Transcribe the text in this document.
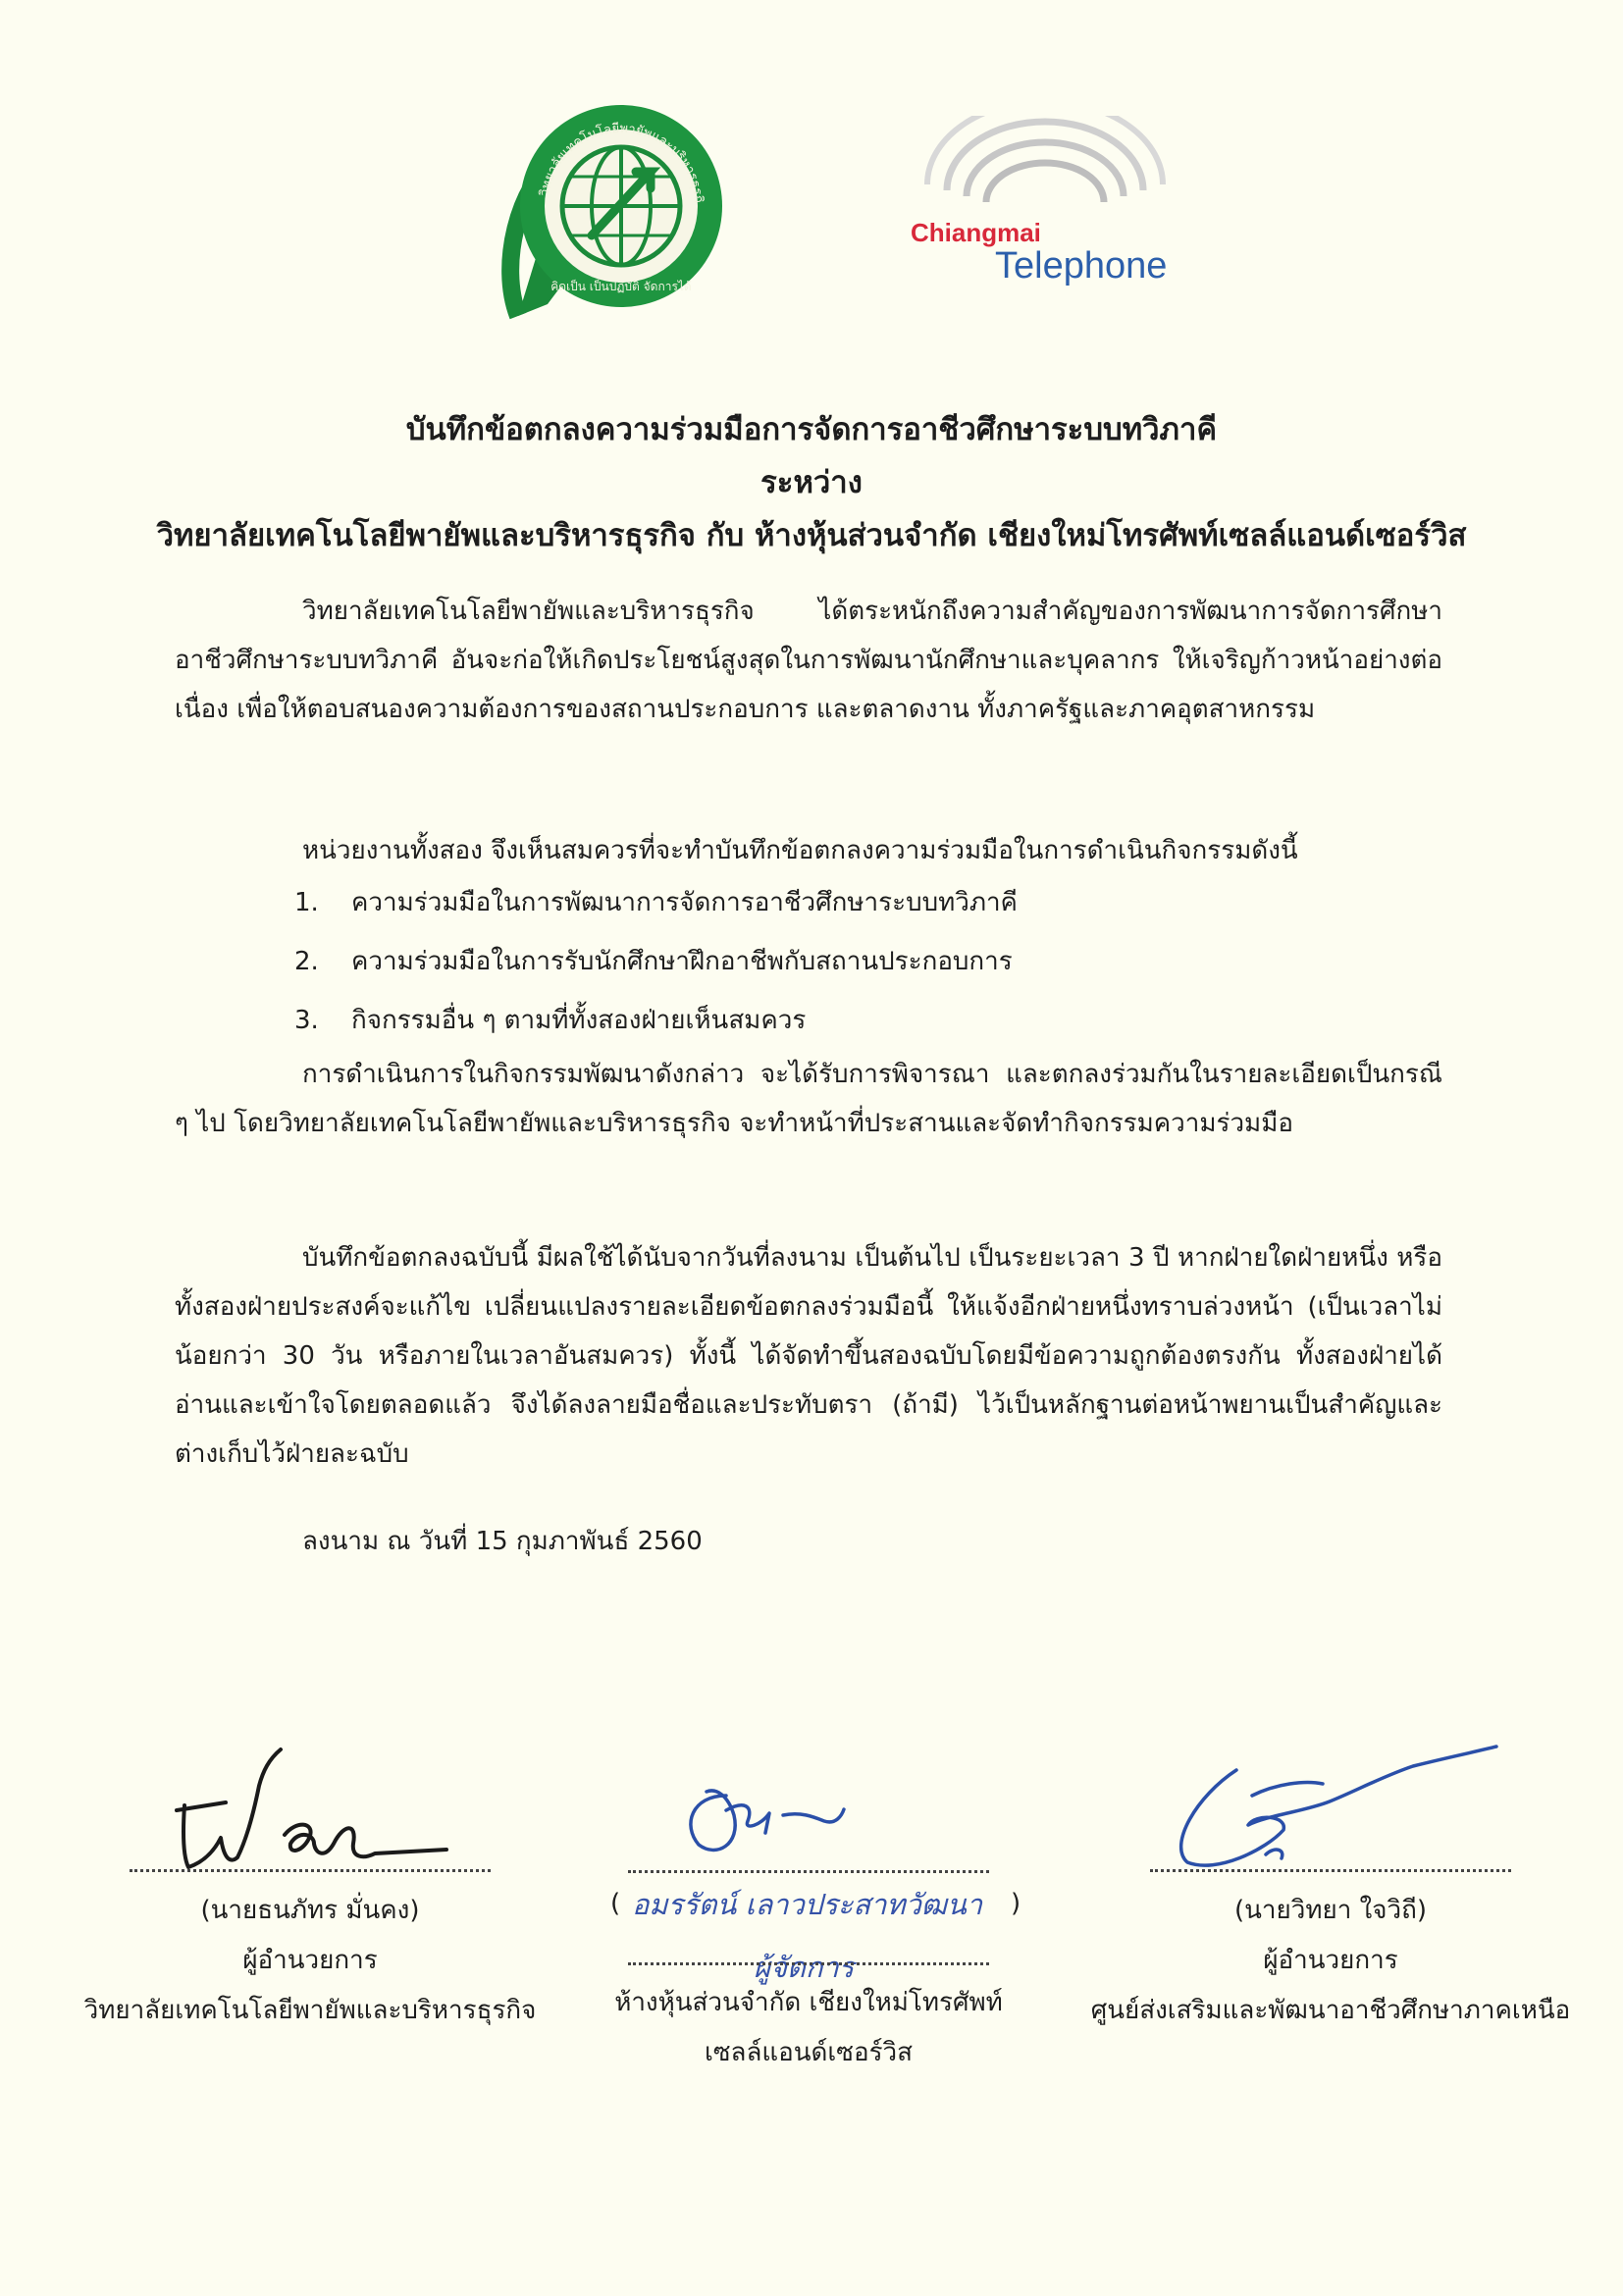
วิทยาลัยเทคโนโลยีพายัพและบริหารธุรกิ
คิดเป็น เป็นปฏิบัติ จัดการได้
Chiangmai
Telephone
บันทึกข้อตกลงความร่วมมือการจัดการอาชีวศึกษาระบบทวิภาคี
ระหว่าง
วิทยาลัยเทคโนโลยีพายัพและบริหารธุรกิจ กับ ห้างหุ้นส่วนจำกัด เชียงใหม่โทรศัพท์เซลล์แอนด์เซอร์วิส

วิทยาลัยเทคโนโลยีพายัพและบริหารธุรกิจ ได้ตระหนักถึงความสำคัญของการพัฒนาการจัดการศึกษาอาชีวศึกษาระบบทวิภาคี อันจะก่อให้เกิดประโยชน์สูงสุดในการพัฒนานักศึกษาและบุคลากร ให้เจริญก้าวหน้าอย่างต่อเนื่อง เพื่อให้ตอบสนองความต้องการของสถานประกอบการ และตลาดงาน ทั้งภาครัฐและภาคอุตสาหกรรม

หน่วยงานทั้งสอง จึงเห็นสมควรที่จะทำบันทึกข้อตกลงความร่วมมือในการดำเนินกิจกรรมดังนี้

1.	ความร่วมมือในการพัฒนาการจัดการอาชีวศึกษาระบบทวิภาคี
2.	ความร่วมมือในการรับนักศึกษาฝึกอาชีพกับสถานประกอบการ
3.	กิจกรรมอื่น ๆ ตามที่ทั้งสองฝ่ายเห็นสมควร

การดำเนินการในกิจกรรมพัฒนาดังกล่าว จะได้รับการพิจารณา และตกลงร่วมกันในรายละเอียดเป็นกรณี ๆ ไป โดยวิทยาลัยเทคโนโลยีพายัพและบริหารธุรกิจ จะทำหน้าที่ประสานและจัดทำกิจกรรมความร่วมมือ

บันทึกข้อตกลงฉบับนี้ มีผลใช้ได้นับจากวันที่ลงนาม เป็นต้นไป เป็นระยะเวลา 3 ปี หากฝ่ายใดฝ่ายหนึ่ง หรือทั้งสองฝ่ายประสงค์จะแก้ไข เปลี่ยนแปลงรายละเอียดข้อตกลงร่วมมือนี้ ให้แจ้งอีกฝ่ายหนึ่งทราบล่วงหน้า (เป็นเวลาไม่น้อยกว่า 30 วัน หรือภายในเวลาอันสมควร) ทั้งนี้ ได้จัดทำขึ้นสองฉบับโดยมีข้อความถูกต้องตรงกัน ทั้งสองฝ่ายได้อ่านและเข้าใจโดยตลอดแล้ว จึงได้ลงลายมือชื่อและประทับตรา (ถ้ามี) ไว้เป็นหลักฐานต่อหน้าพยานเป็นสำคัญและต่างเก็บไว้ฝ่ายละฉบับ

ลงนาม ณ วันที่ 15 กุมภาพันธ์ 2560

(นายธนภัทร มั่นคง)
ผู้อำนวยการ
วิทยาลัยเทคโนโลยีพายัพและบริหารธุรกิจ
( อมรรัตน์ เลาวประสาทวัฒนา
ผู้จัดการ
)
ห้างหุ้นส่วนจำกัด เชียงใหม่โทรศัพท์
เซลล์แอนด์เซอร์วิส
(นายวิทยา ใจวิถี)
ผู้อำนวยการ
ศูนย์ส่งเสริมและพัฒนาอาชีวศึกษาภาคเหนือ
